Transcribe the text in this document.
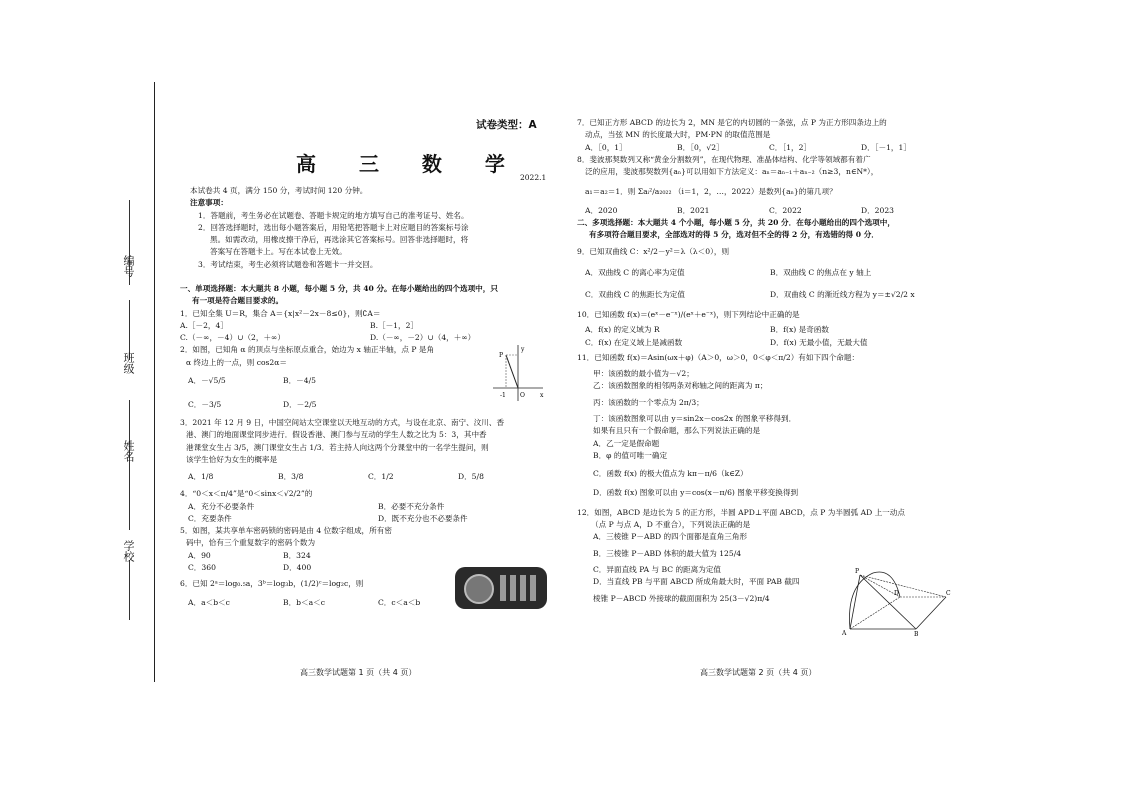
编号
班级
姓名
学校
试卷类型：A
高 三 数 学
2022.1

本试卷共 4 页，满分 150 分，考试时间 120 分钟。

注意事项：

1．答题前，考生务必在试题卷、答题卡规定的地方填写自己的准考证号、姓名。

2．回答选择题时，选出每小题答案后，用铅笔把答题卡上对应题目的答案标号涂

黑。如需改动，用橡皮擦干净后，再选涂其它答案标号。回答非选择题时，将

答案写在答题卡上。写在本试卷上无效。

3．考试结束，考生必须将试题卷和答题卡一并交回。

一、单项选择题：本大题共 8 小题，每小题 5 分，共 40 分。在每小题给出的四个选项中，只

有一项是符合题目要求的。

1．已知全集 U＝R，集合 A＝{x|x²－2x－8≤0}，则∁A＝

A.［－2，4］	B.［－1，2］
C.（－∞，－4）∪（2，＋∞）	D.（－∞，－2）∪（4，＋∞）

2．如图，已知角 α 的顶点与坐标原点重合，始边为 x 轴正半轴，点 P 是角

α 终边上的一点，则 cos2α＝

A．－√5/5	B．－4/5
C．－3/5	D．－2/5

3．2021 年 12 月 9 日，中国空间站太空课堂以天地互动的方式，与设在北京、南宁、汶川、香

港、澳门的地面课堂同步进行．假设香港、澳门参与互动的学生人数之比为 5：3，其中香

港课堂女生占 3/5，澳门课堂女生占 1/3．若主持人向这两个分课堂中的一名学生提问，则

该学生恰好为女生的概率是

A．1/8	B．3/8	C．1/2	D．5/8

4．“0＜x＜π/4”是“0＜sinx＜√2/2”的

A．充分不必要条件	B．必要不充分条件
C．充要条件	D．既不充分也不必要条件

5．如图，某共享单车密码锁的密码是由 4 位数字组成，所有密

码中，恰有三个重复数字的密码个数为

A．90	B．324
C．360	D．400

6．已知 2ᵃ＝log₀.₅a，3ᵇ＝log₃b，(1/2)ᶜ＝log₂c，则

A．a＜b＜c	B．b＜a＜c	C．c＜a＜b
P
y
-1 O	x

7．已知正方形 ABCD 的边长为 2，MN 是它的内切圆的一条弦，点 P 为正方形四条边上的

动点，当弦 MN 的长度最大时，PM·PN 的取值范围是

A．［0，1］	B．［0，√2］	C．［1，2］	D．［－1，1］

8．斐波那契数列又称“黄金分割数列”，在现代物理、准晶体结构、化学等领域都有着广

泛的应用，斐波那契数列{aₙ}可以用如下方法定义：aₙ＝aₙ₋₁＋aₙ₋₂（n≥3，n∈N*），

a₁＝a₂＝1．则 Σaᵢ²/a₂₀₂₂ （i＝1，2，…，2022）是数列{aₙ}的第几项？

A．2020	B．2021	C．2022	D．2023

二、多项选择题：本大题共 4 个小题，每小题 5 分，共 20 分．在每小题给出的四个选项中，

有多项符合题目要求，全部选对的得 5 分，选对但不全的得 2 分，有选错的得 0 分．

9．已知双曲线 C：x²/2－y²＝λ（λ＜0），则

A．双曲线 C 的离心率为定值	B．双曲线 C 的焦点在 y 轴上
C．双曲线 C 的焦距长为定值	D．双曲线 C 的渐近线方程为 y＝±√2/2 x

10．已知函数 f(x)＝(eˣ－e⁻ˣ)/(eˣ＋e⁻ˣ)，则下列结论中正确的是

A．f(x) 的定义域为 R	B．f(x) 是奇函数
C．f(x) 在定义域上是减函数	D．f(x) 无最小值，无最大值

11．已知函数 f(x)＝Asin(ωx＋φ)（A＞0，ω＞0，0＜φ＜π/2）有如下四个命题：

甲：该函数的最小值为－√2；

乙：该函数图象的相邻两条对称轴之间的距离为 π；

丙：该函数的一个零点为 2π/3；

丁：该函数图象可以由 y＝sin2x－cos2x 的图象平移得到．

如果有且只有一个假命题，那么下列说法正确的是

A．乙一定是假命题

B．φ 的值可唯一确定

C．函数 f(x) 的极大值点为 kπ－π/6（k∈Z）

D．函数 f(x) 图象可以由 y＝cos(x－π/6) 图象平移变换得到

12．如图，ABCD 是边长为 5 的正方形，半圆 APD⊥平面 ABCD，点 P 为半圆弧 AD 上一动点

（点 P 与点 A，D 不重合），下列说法正确的是

A．三棱锥 P－ABD 的四个面都是直角三角形

B．三棱锥 P－ABD 体积的最大值为 125/4

C．异面直线 PA 与 BC 的距离为定值

D．当直线 PB 与平面 ABCD 所成角最大时，平面 PAB 截四

棱锥 P－ABCD 外接球的截面面积为 25(3－√2)π/4

P
D	C
A	B
高三数学试题第 1 页（共 4 页）	高三数学试题第 2 页（共 4 页）
